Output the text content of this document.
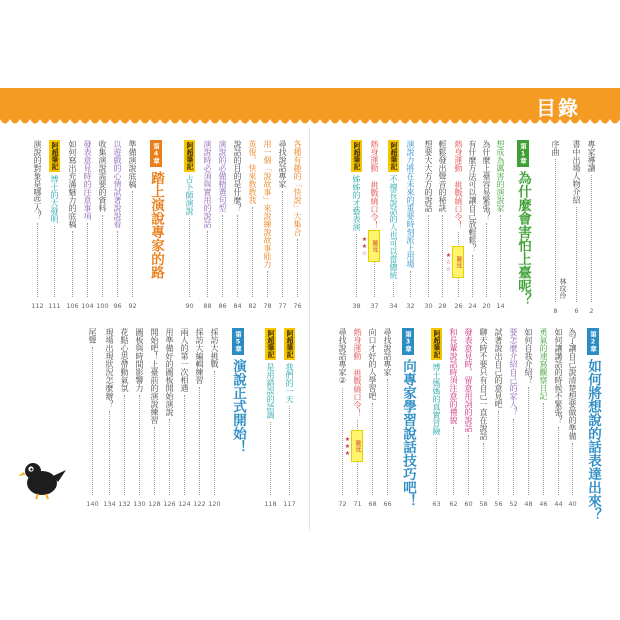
目錄
專家導讀
2
書中出場人物介紹
6
序曲
8
林玟伶
第1章為什麼會害怕上臺呢？
想成為厲害的演說家
14
為什麼上臺容易緊張？
20
有什麼方法可以讓自己放輕鬆？
24
熱身運動 挑戰繞口令！
26
難度★☆☆
輕鬆發出聲音的秘訣
28
想要大大方方的說話
30
演說力將在未來的重要時刻派上用場
32
阿超筆記
不擅長說話的人也可以當總統
34
熱身運動 挑戰繞口令！
37
難度★★☆
阿超筆記
姊姊的才藝表演
38
第2章如何將想說的話表達出來？
為了讓自己說清楚想要做的準備
40
如何讓講話的時候不緊張？
44
勇氣的速寫觀察日記
46
如何自我介紹？
48
要怎麼介紹自己的家人？
52
試著說出自己的意見吧
56
聊天時不要只有自己一直在說話
58
發表意見時，留意用詞的說話
60
和長輩說話時須注意的禮貌
62
阿超筆記
博士媽媽的真實冒險
63
第3章向專家學習說話技巧吧！
尋找說話專家
66
向口才好的人學習吧
68
熱身運動 挑戰繞口令！
71
難度★★★
尋找說話專家②
72
各種有趣的「快說」大集合
76
尋找說話專家
77
用一個「說故事」來說練說故事能力
78
英俊、快來教教我
82
說話的目的是什麼？
84
演說的必備精選句型
86
演說時必須與實用的說話
88
阿超筆記
占卜師演說
90
第4章踏上演說專家的路
準備演說底稿
92
以遊戲的心情試著說說看
96
收集演說需要的資料
100
發表意見時的注意事項
104
如何寫出充滿魅力的底稿
106
阿超筆記
博士的大發明
111
演說的對象是哪些人？
112
阿超筆記
我們的一天
117
阿超筆記
是用錯誤的語調
118
第5章演說正式開始！
採訪大挑戰
120
採訪大編輯練習
122
兩人的第一次相遇
124
用準備好的圖板開始演說
126
開始吧！上臺前的演說練習
128
圖板與時間影響力
130
花點心思帶動氣氛
132
現場出現狀況怎麼辦？
134
尾聲
140
